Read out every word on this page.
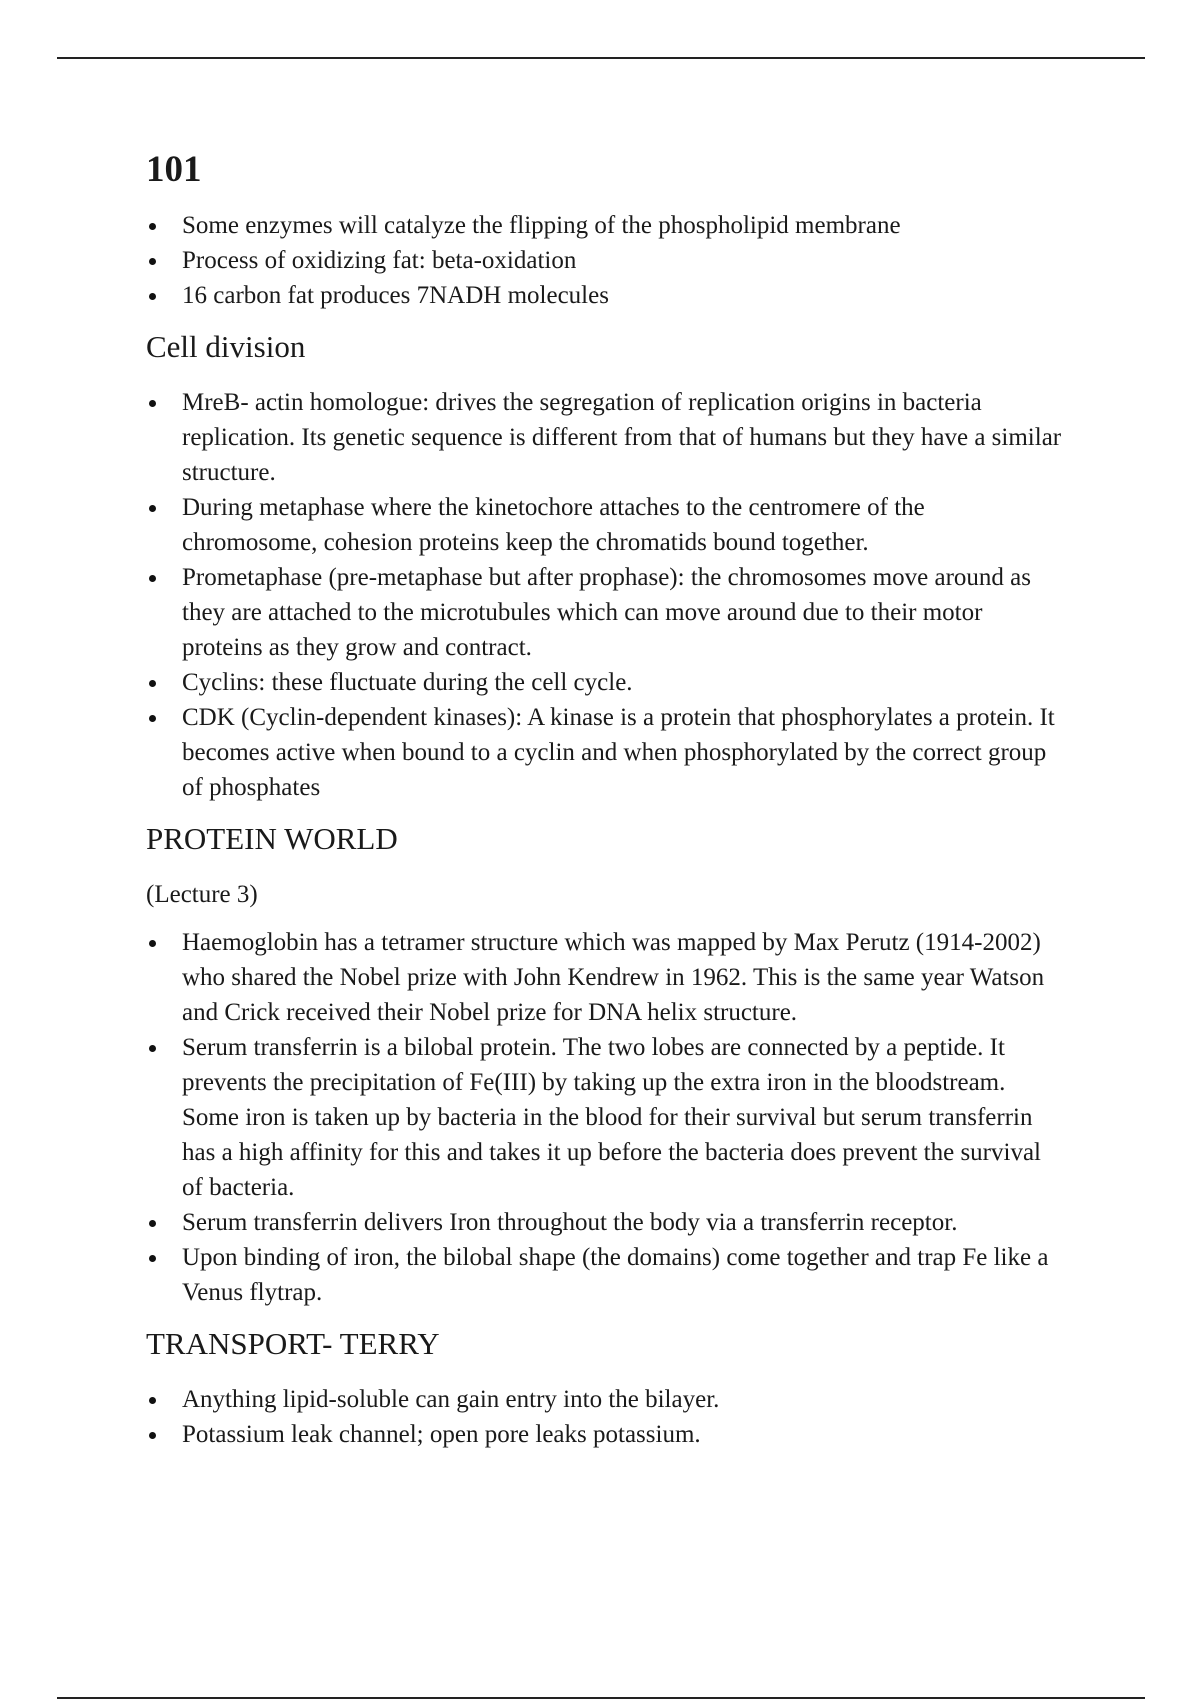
101
Some enzymes will catalyze the flipping of the phospholipid membrane
Process of oxidizing fat: beta-oxidation
16 carbon fat produces 7NADH molecules
Cell division
MreB- actin homologue: drives the segregation of replication origins in bacteria replication. Its genetic sequence is different from that of humans but they have a similar structure.
During metaphase where the kinetochore attaches to the centromere of the chromosome, cohesion proteins keep the chromatids bound together.
Prometaphase (pre-metaphase but after prophase): the chromosomes move around as they are attached to the microtubules which can move around due to their motor proteins as they grow and contract.
Cyclins: these fluctuate during the cell cycle.
CDK (Cyclin-dependent kinases): A kinase is a protein that phosphorylates a protein. It becomes active when bound to a cyclin and when phosphorylated by the correct group of phosphates
PROTEIN WORLD
(Lecture 3)
Haemoglobin has a tetramer structure which was mapped by Max Perutz (1914-2002) who shared the Nobel prize with John Kendrew in 1962. This is the same year Watson and Crick received their Nobel prize for DNA helix structure.
Serum transferrin is a bilobal protein. The two lobes are connected by a peptide. It prevents the precipitation of Fe(III) by taking up the extra iron in the bloodstream. Some iron is taken up by bacteria in the blood for their survival but serum transferrin has a high affinity for this and takes it up before the bacteria does prevent the survival of bacteria.
Serum transferrin delivers Iron throughout the body via a transferrin receptor.
Upon binding of iron, the bilobal shape (the domains) come together and trap Fe like a Venus flytrap.
TRANSPORT- TERRY
Anything lipid-soluble can gain entry into the bilayer.
Potassium leak channel; open pore leaks potassium.
